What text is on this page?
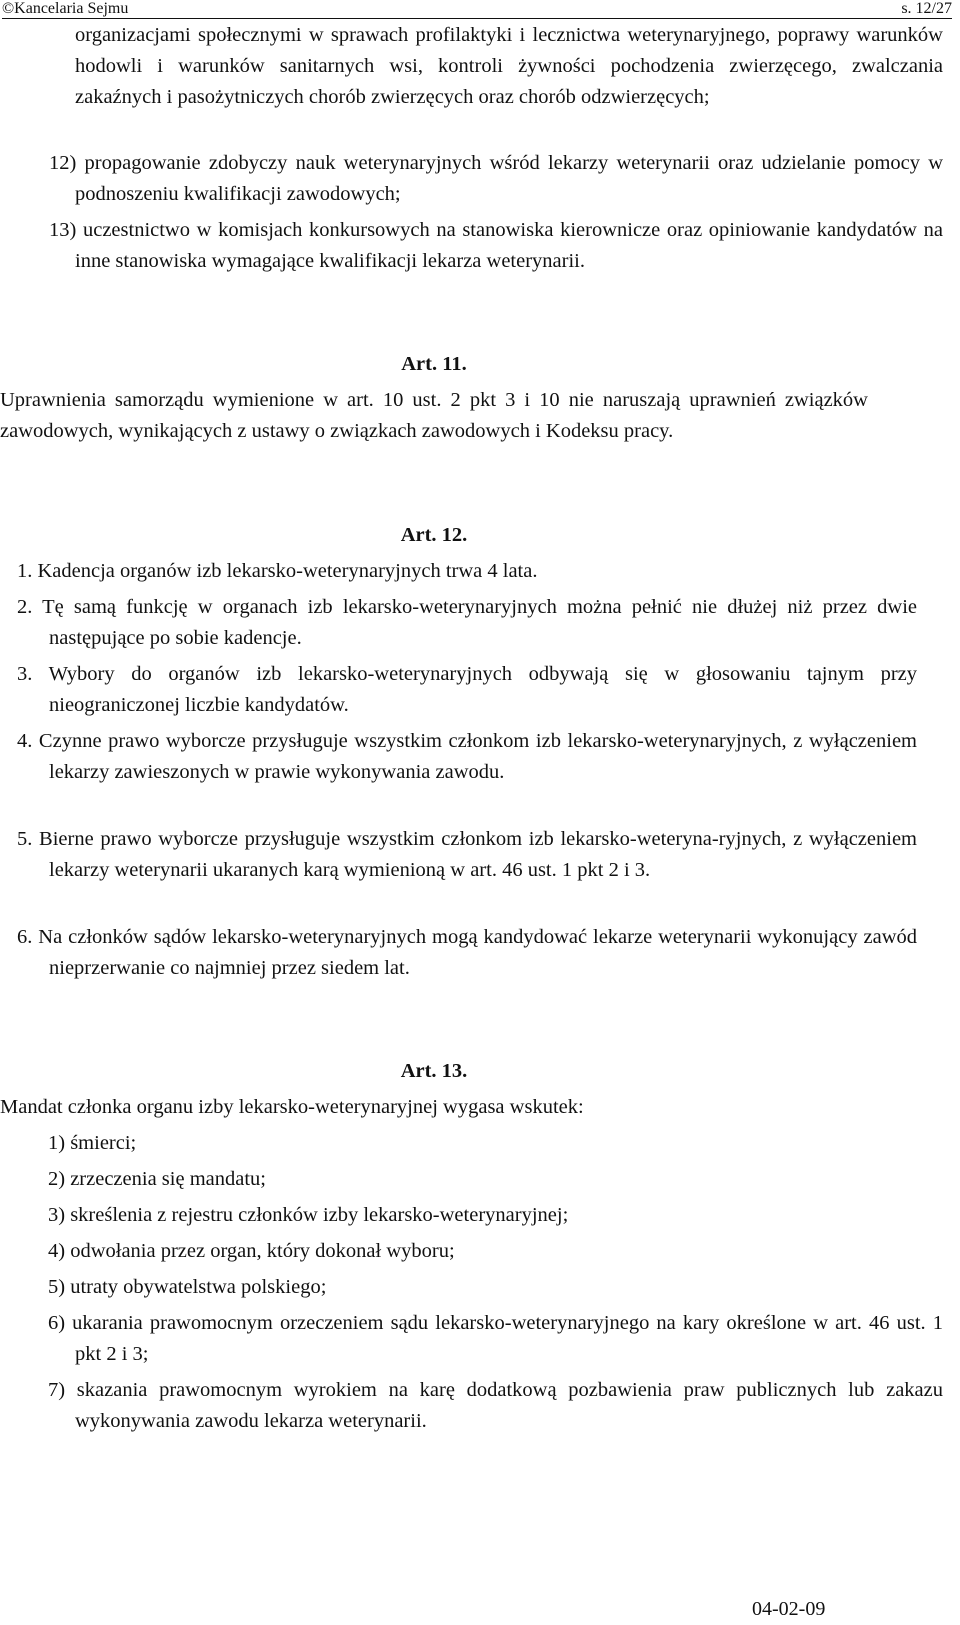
©Kancelaria Sejmu	s. 12/27
organizacjami społecznymi w sprawach profilaktyki i lecznictwa weterynaryjnego, poprawy warunków hodowli i warunków sanitarnych wsi, kontroli żywności pochodzenia zwierzęcego, zwalczania zakaźnych i pasożytniczych chorób zwierzęcych oraz chorób odzwierzęcych;
12) propagowanie zdobyczy nauk weterynaryjnych wśród lekarzy weterynarii oraz udzielanie pomocy w podnoszeniu kwalifikacji zawodowych;
13) uczestnictwo w komisjach konkursowych na stanowiska kierownicze oraz opiniowanie kandydatów na inne stanowiska wymagające kwalifikacji lekarza weterynarii.
Art. 11.
Uprawnienia samorządu wymienione w art. 10 ust. 2 pkt 3 i 10 nie naruszają uprawnień związków zawodowych, wynikających z ustawy o związkach zawodowych i Kodeksu pracy.
Art. 12.
1. Kadencja organów izb lekarsko-weterynaryjnych trwa 4 lata.
2. Tę samą funkcję w organach izb lekarsko-weterynaryjnych można pełnić nie dłużej niż przez dwie następujące po sobie kadencje.
3. Wybory do organów izb lekarsko-weterynaryjnych odbywają się w głosowaniu tajnym przy nieograniczonej liczbie kandydatów.
4. Czynne prawo wyborcze przysługuje wszystkim członkom izb lekarsko-weterynaryjnych, z wyłączeniem lekarzy zawieszonych w prawie wykonywania zawodu.
5. Bierne prawo wyborcze przysługuje wszystkim członkom izb lekarsko-weteryna-ryjnych, z wyłączeniem lekarzy weterynarii ukaranych karą wymienioną w art. 46 ust. 1 pkt 2 i 3.
6. Na członków sądów lekarsko-weterynaryjnych mogą kandydować lekarze weterynarii wykonujący zawód nieprzerwanie co najmniej przez siedem lat.
Art. 13.
Mandat członka organu izby lekarsko-weterynaryjnej wygasa wskutek:
1) śmierci;
2) zrzeczenia się mandatu;
3) skreślenia z rejestru członków izby lekarsko-weterynaryjnej;
4) odwołania przez organ, który dokonał wyboru;
5) utraty obywatelstwa polskiego;
6) ukarania prawomocnym orzeczeniem sądu lekarsko-weterynaryjnego na kary określone w art. 46 ust. 1 pkt 2 i 3;
7) skazania prawomocnym wyrokiem na karę dodatkową pozbawienia praw publicznych lub zakazu wykonywania zawodu lekarza weterynarii.
04-02-09
